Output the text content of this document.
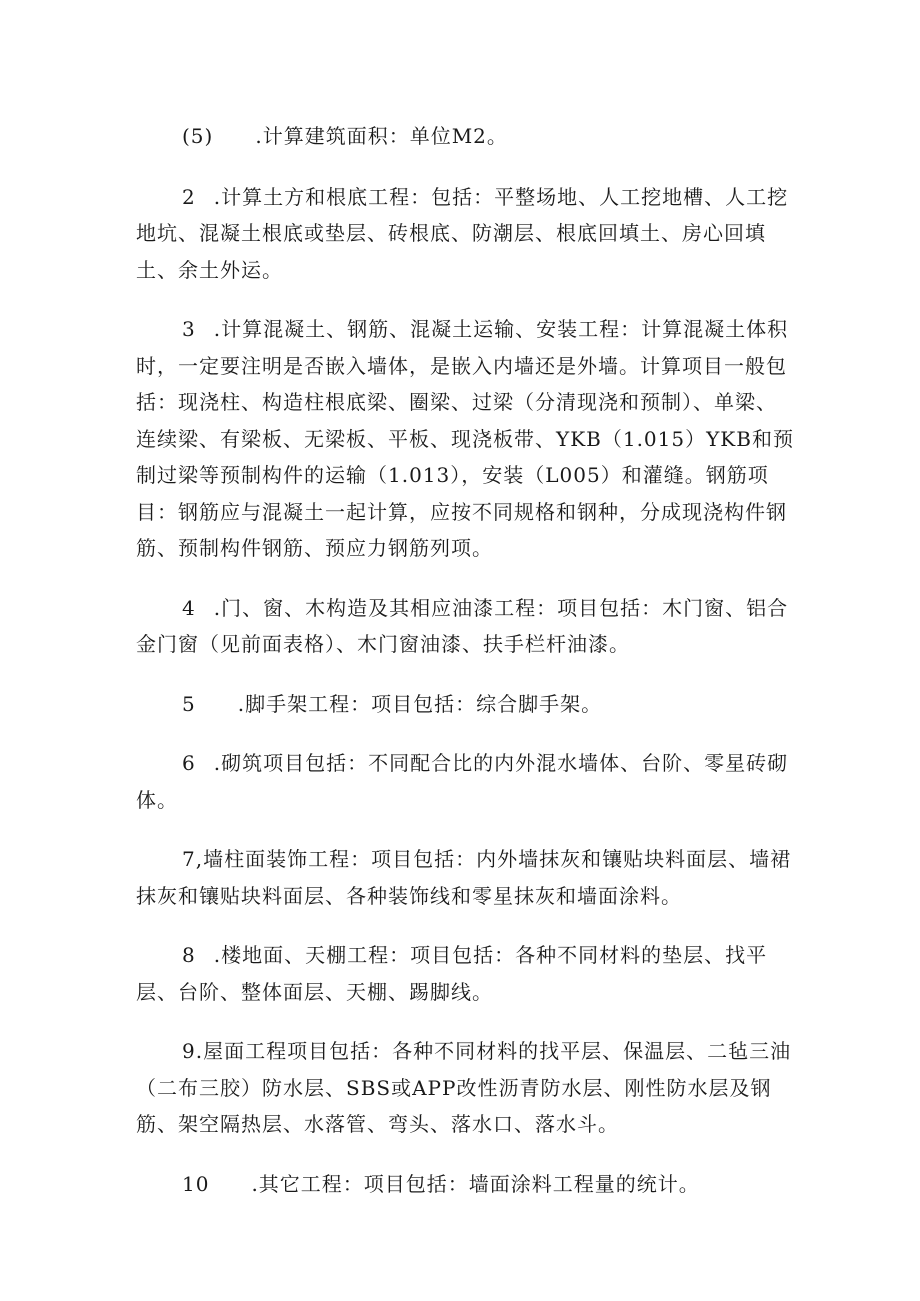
(5) .计算建筑面积：单位M2。

2 .计算土方和根底工程：包括：平整场地、人工挖地槽、人工挖地坑、混凝土根底或垫层、砖根底、防潮层、根底回填土、房心回填土、余土外运。

3 .计算混凝土、钢筋、混凝土运输、安装工程：计算混凝土体积时，一定要注明是否嵌入墙体，是嵌入内墙还是外墙。计算项目一般包括：现浇柱、构造柱根底梁、圈梁、过梁（分清现浇和预制）、单梁、连续梁、有梁板、无梁板、平板、现浇板带、YKB（1.015）YKB和预制过梁等预制构件的运输（1.013），安装（L005）和灌缝。钢筋项目：钢筋应与混凝土一起计算，应按不同规格和钢种，分成现浇构件钢筋、预制构件钢筋、预应力钢筋列项。

4 .门、窗、木构造及其相应油漆工程：项目包括：木门窗、铝合金门窗（见前面表格）、木门窗油漆、扶手栏杆油漆。

5 .脚手架工程：项目包括：综合脚手架。

6 .砌筑项目包括：不同配合比的内外混水墙体、台阶、零星砖砌体。

7,墙柱面装饰工程：项目包括：内外墙抹灰和镶贴块料面层、墙裙抹灰和镶贴块料面层、各种装饰线和零星抹灰和墙面涂料。

8 .楼地面、天棚工程：项目包括：各种不同材料的垫层、找平层、台阶、整体面层、天棚、踢脚线。

9.屋面工程项目包括：各种不同材料的找平层、保温层、二毡三油（二布三胶）防水层、SBS或APP改性沥青防水层、刚性防水层及钢筋、架空隔热层、水落管、弯头、落水口、落水斗。

10 .其它工程：项目包括：墙面涂料工程量的统计。
